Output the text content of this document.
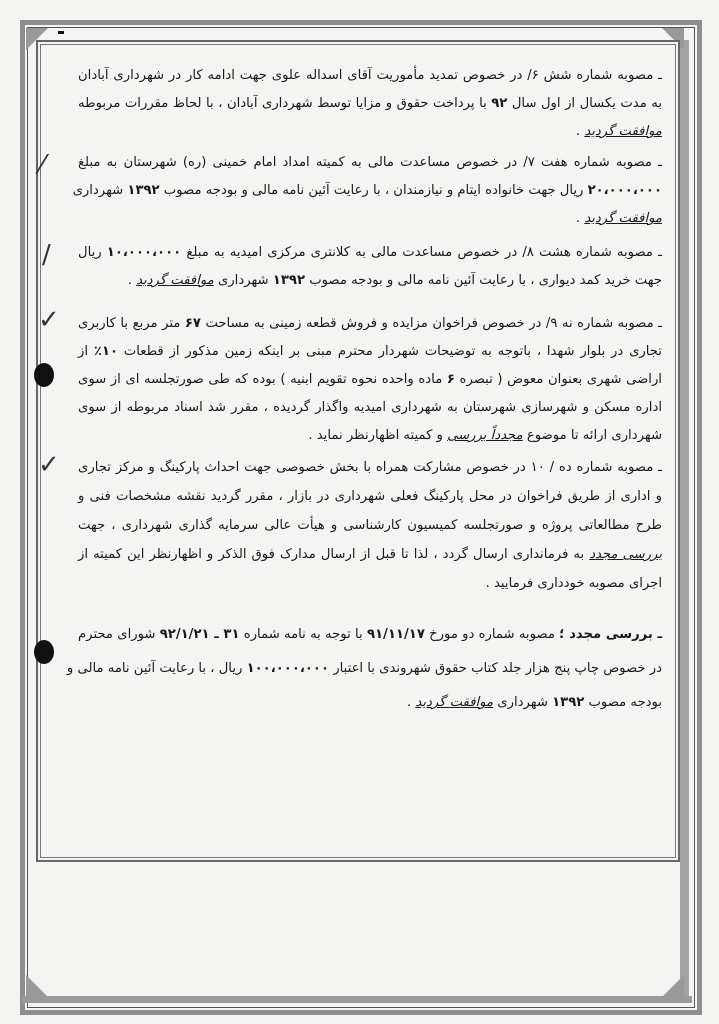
⁄
/
✓
✓
ـ مصوبه شماره شش ۶/ در خصوص تمدید مأموریت آقای اسداله علوی جهت ادامه کار در شهرداری آبادان
به مدت یکسال از اول سال ۹۲ با پرداخت حقوق و مزایا توسط شهرداری آبادان ، با لحاظ مقررات مربوطه
موافقت گردید .
ـ مصوبه شماره هفت ۷/ در خصوص مساعدت مالی به کمیته امداد امام خمینی (ره) شهرستان به مبلغ
۲۰،۰۰۰،۰۰۰ ریال جهت خانواده ایتام و نیازمندان ، با رعایت آئین نامه مالی و بودجه مصوب ۱۳۹۲ شهرداری
موافقت گردید .
ـ مصوبه شماره هشت ۸/ در خصوص مساعدت مالی به کلانتری مرکزی امیدیه به مبلغ ۱۰،۰۰۰،۰۰۰ ریال
جهت خرید کمد دیواری ، با رعایت آئین نامه مالی و بودجه مصوب ۱۳۹۲ شهرداری موافقت گردید .
ـ مصوبه شماره نه ۹/ در خصوص فراخوان مزایده و فروش قطعه زمینی به مساحت ۶۷ متر مربع با کاربری
تجاری در بلوار شهدا ، باتوجه به توضیحات شهردار محترم مبنی بر اینکه زمین مذکور از قطعات ۱۰٪ از
اراضی شهری بعنوان معوض ( تبصره ۶ ماده واحده نحوه تقویم ابنیه ) بوده که طی صورتجلسه ای از سوی
اداره مسکن و شهرسازی شهرستان به شهرداری امیدیه واگذار گردیده ، مقرر شد اسناد مربوطه از سوی
شهرداری ارائه تا موضوع مجدداً بررسی و کمیته اظهارنظر نماید .
ـ مصوبه شماره ده / ۱۰ در خصوص مشارکت همراه با بخش خصوصی جهت احداث پارکینگ و مرکز تجاری
و اداری از طریق فراخوان در محل پارکینگ فعلی شهرداری در بازار ، مقرر گردید نقشه مشخصات فنی و
طرح مطالعاتی پروژه و صورتجلسه کمیسیون کارشناسی و هیأت عالی سرمایه گذاری شهرداری ، جهت
بررسی مجدد به فرمانداری ارسال گردد ، لذا تا قبل از ارسال مدارک فوق الذکر و اظهارنظر این کمیته از
اجرای مصوبه خودداری فرمایید .
ـ بررسی مجدد ؛ مصوبه شماره دو مورخ ۹۱/۱۱/۱۷ با توجه به نامه شماره ۳۱ ـ ۹۲/۱/۲۱ شورای محترم
در خصوص چاپ پنج هزار جلد کتاب حقوق شهروندی با اعتبار ۱۰۰،۰۰۰،۰۰۰ ریال ، با رعایت آئین نامه مالی و
بودجه مصوب ۱۳۹۲ شهرداری موافقت گردید .
